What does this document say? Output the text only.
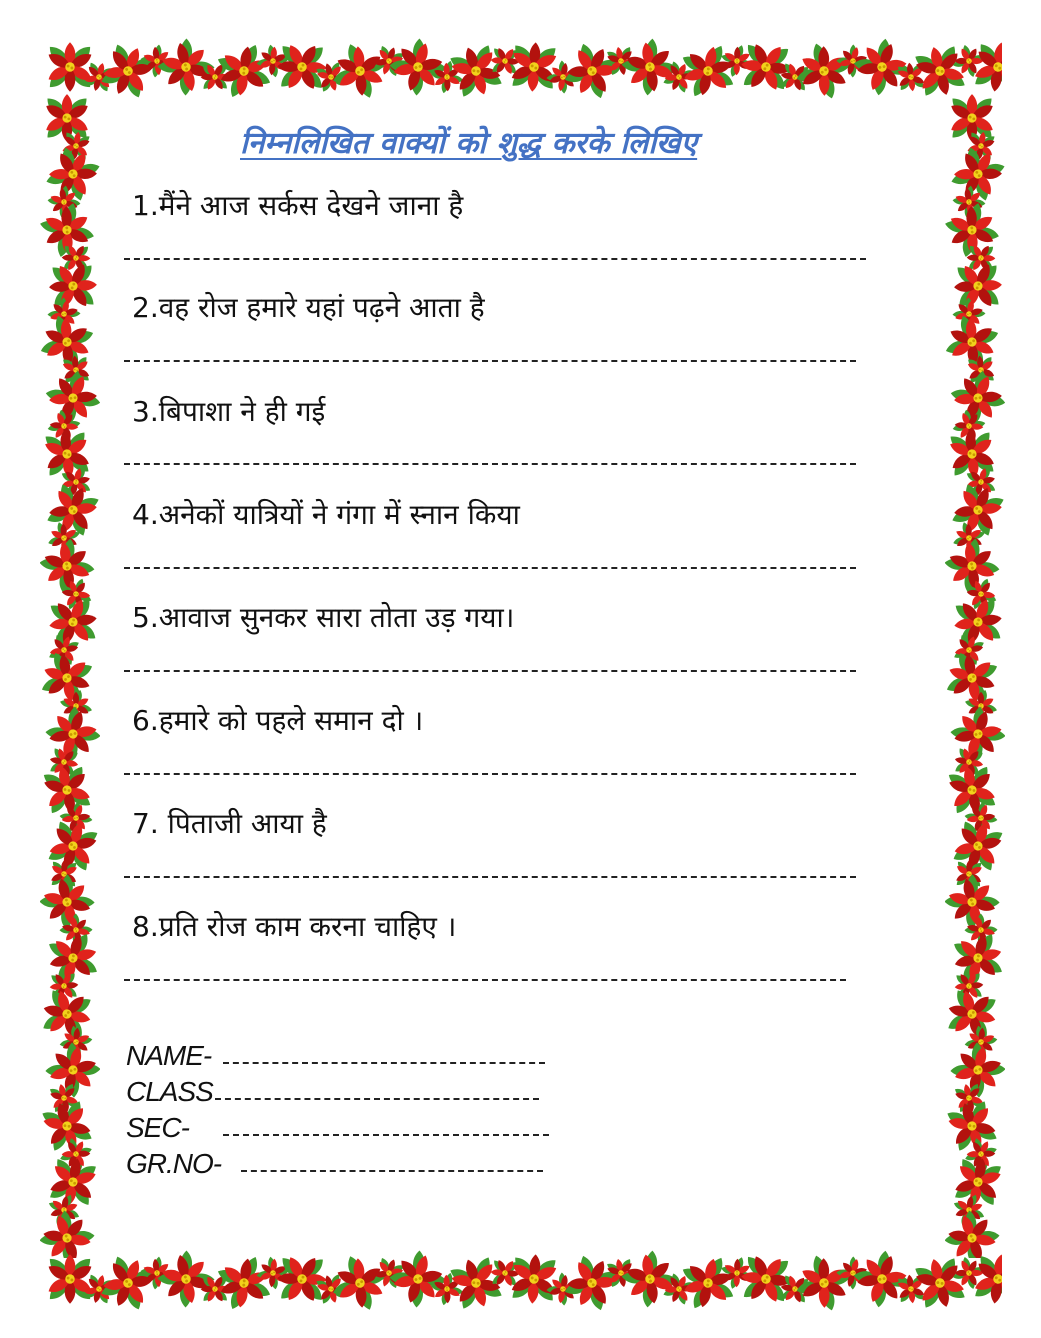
निम्नलिखित वाक्यों को शुद्ध करके लिखिए
1.मैंने आज सर्कस देखने जाना है
2.वह रोज हमारे यहां पढ़ने आता है
3.बिपाशा ने ही गई
4.अनेकों यात्रियों ने गंगा में स्नान किया
5.आवाज सुनकर सारा तोता उड़ गया।
6.हमारे को पहले समान दो ।
7. पिताजी आया है
8.प्रति रोज काम करना चाहिए ।
NAME-
CLASS
SEC-
GR.NO-
